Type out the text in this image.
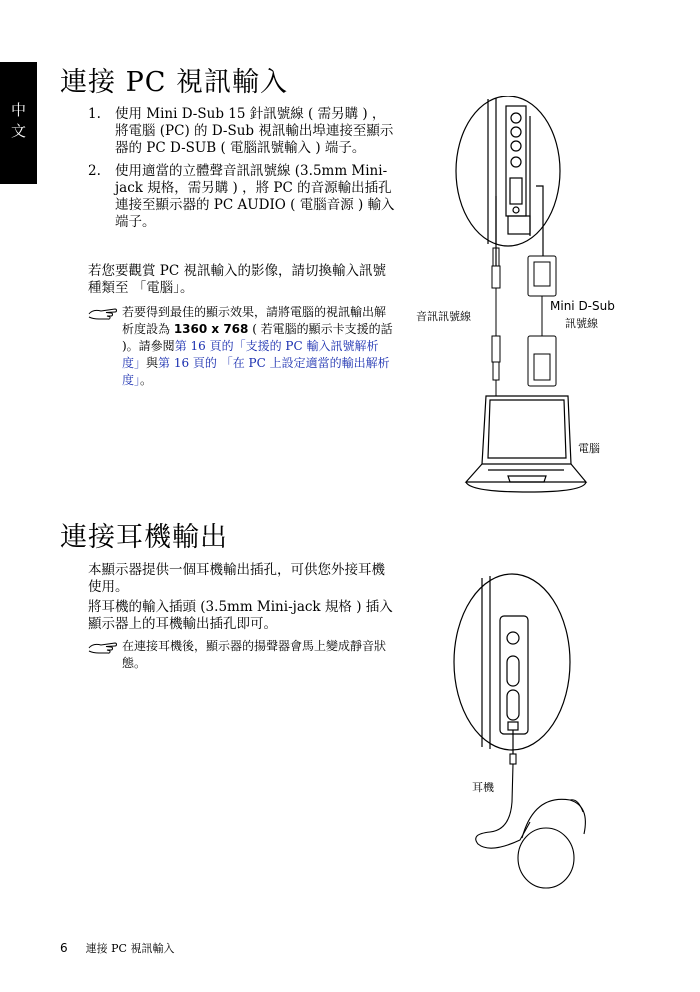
中文
連接 PC 視訊輸入
1. 使用 Mini D-Sub 15 針訊號線 ( 需另購 ) ，將電腦 (PC) 的 D-Sub 視訊輸出埠連接至顯示器的 PC D-SUB ( 電腦訊號輸入 ) 端子。
2. 使用適當的立體聲音訊訊號線 (3.5mm Mini-jack 規格，需另購 ) ，將 PC 的音源輸出插孔連接至顯示器的 PC AUDIO ( 電腦音源 ) 輸入端子。

若您要觀賞 PC 視訊輸入的影像，請切換輸入訊號種類至 「電腦」。

若要得到最佳的顯示效果，請將電腦的視訊輸出解析度設為 1360 x 768 ( 若電腦的顯示卡支援的話 )。請參閱第 16 頁的「支援的 PC 輸入訊號解析度」與第 16 頁的 「在 PC 上設定適當的輸出解析度」。
音訊訊號線
Mini D-Sub
訊號線
電腦
連接耳機輸出

本顯示器提供一個耳機輸出插孔，可供您外接耳機使用。

將耳機的輸入插頭 (3.5mm Mini-jack 規格 ) 插入顯示器上的耳機輸出插孔即可。

在連接耳機後，顯示器的揚聲器會馬上變成靜音狀態。
耳機
6 連接 PC 視訊輸入
